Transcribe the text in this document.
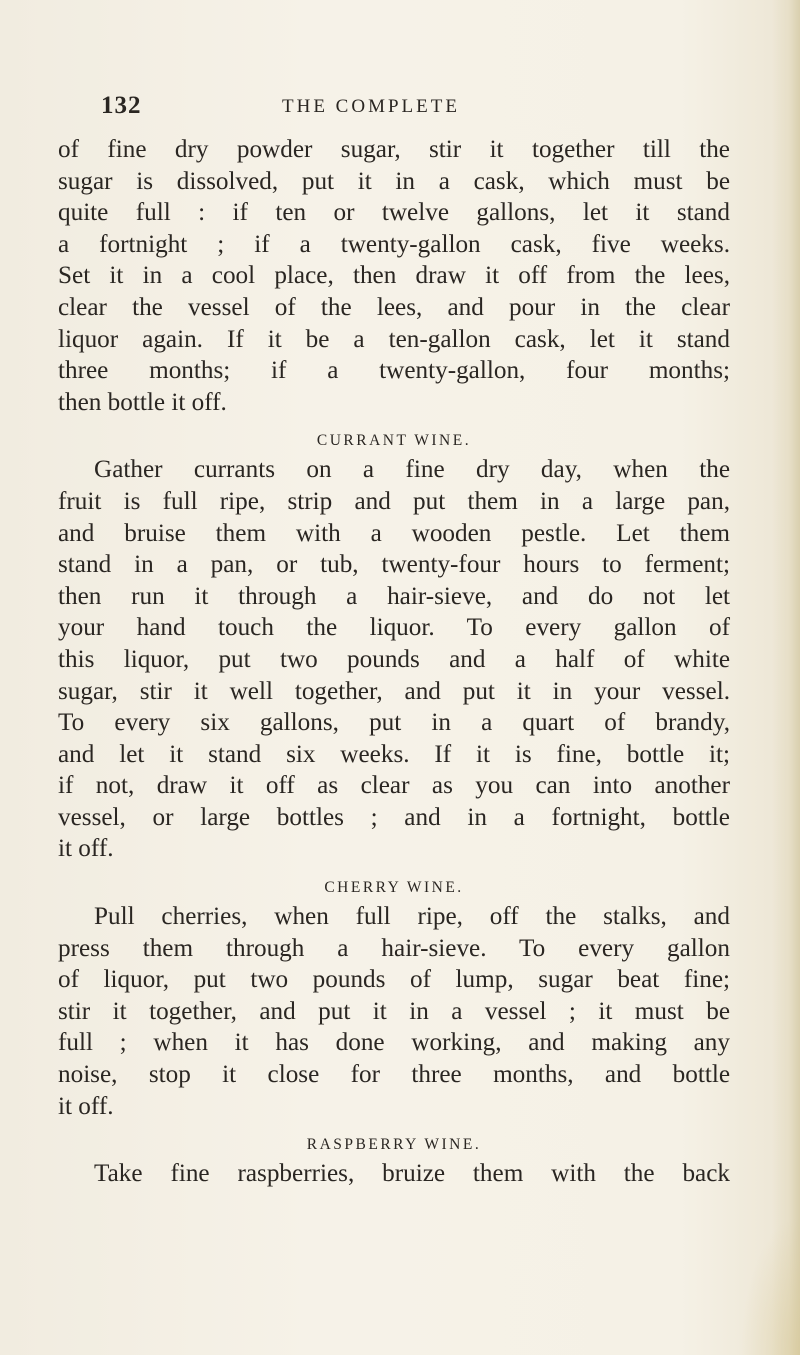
132	THE COMPLETE

of fine dry powder sugar, stir it together till the
sugar is dissolved, put it in a cask, which must be
quite full : if ten or twelve gallons, let it stand
a fortnight ; if a twenty-gallon cask, five weeks.
Set it in a cool place, then draw it off from the lees,
clear the vessel of the lees, and pour in the clear
liquor again. If it be a ten-gallon cask, let it stand
three months; if a twenty-gallon, four months;
then bottle it off.

CURRANT WINE.

Gather currants on a fine dry day, when the
fruit is full ripe, strip and put them in a large pan,
and bruise them with a wooden pestle. Let them
stand in a pan, or tub, twenty-four hours to ferment;
then run it through a hair-sieve, and do not let
your hand touch the liquor. To every gallon of
this liquor, put two pounds and a half of white
sugar, stir it well together, and put it in your vessel.
To every six gallons, put in a quart of brandy,
and let it stand six weeks. If it is fine, bottle it;
if not, draw it off as clear as you can into another
vessel, or large bottles ; and in a fortnight, bottle
it off.

CHERRY WINE.

Pull cherries, when full ripe, off the stalks, and
press them through a hair-sieve. To every gallon
of liquor, put two pounds of lump, sugar beat fine;
stir it together, and put it in a vessel ; it must be
full ; when it has done working, and making any
noise, stop it close for three months, and bottle
it off.

RASPBERRY WINE.

Take fine raspberries, bruize them with the back
